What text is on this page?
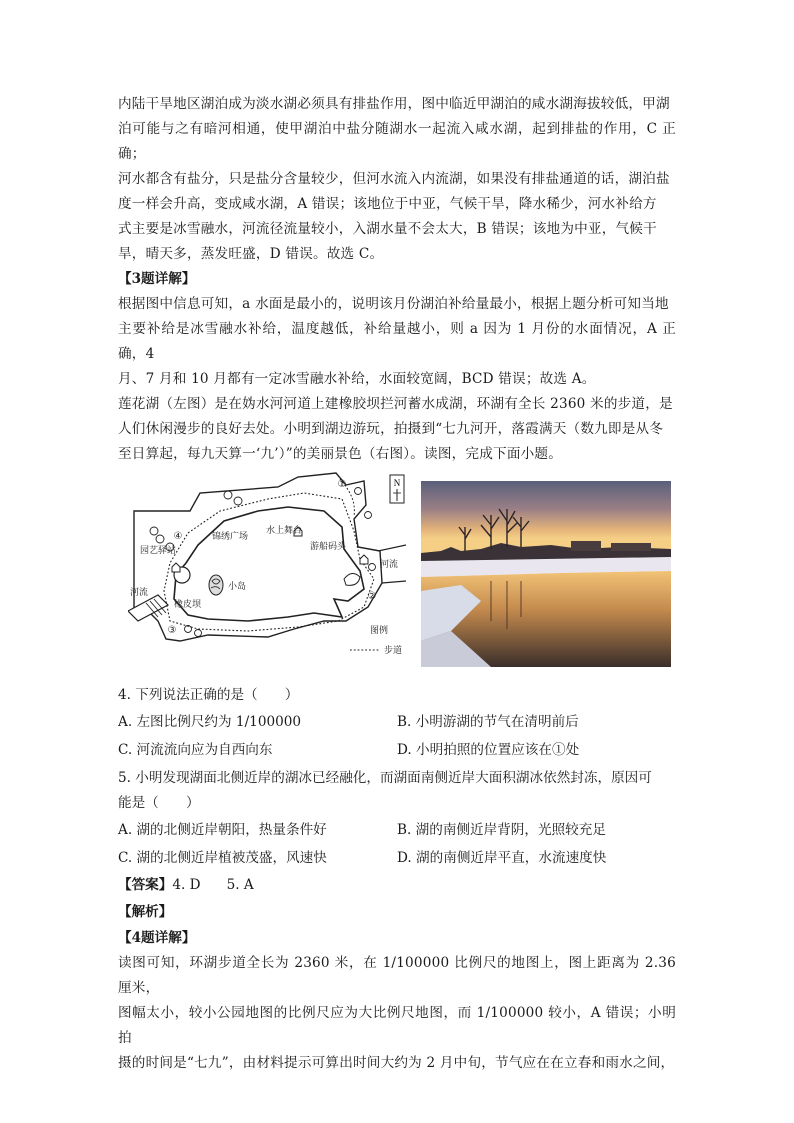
内陆干旱地区湖泊成为淡水湖必须具有排盐作用，图中临近甲湖泊的咸水湖海拔较低，甲湖
泊可能与之有暗河相通，使甲湖泊中盐分随湖水一起流入咸水湖，起到排盐的作用，C 正确；
河水都含有盐分，只是盐分含量较少，但河水流入内流湖，如果没有排盐通道的话，湖泊盐
度一样会升高，变成咸水湖，A 错误；该地位于中亚，气候干旱，降水稀少，河水补给方
式主要是冰雪融水，河流径流量较小，入湖水量不会太大，B 错误；该地为中亚，气候干
旱，晴天多，蒸发旺盛，D 错误。故选 C。

【3题详解】

根据图中信息可知，a 水面是最小的，说明该月份湖泊补给量最小，根据上题分析可知当地
主要补给是冰雪融水补给，温度越低，补给量越小，则 a 因为 1 月份的水面情况，A 正确，4
月、7 月和 10 月都有一定冰雪融水补给，水面较宽阔，BCD 错误；故选 A。

莲花湖（左图）是在妫水河河道上建橡胶坝拦河蓄水成湖，环湖有全长 2360 米的步道，是
人们休闲漫步的良好去处。小明到湖边游玩，拍摄到“七九河开，落霞满天（数九即是从冬
至日算起，每九天算一‘九’）”的美丽景色（右图）。读图，完成下面小题。

N
①
②
③
④
园艺驿站
锦绣广场
水上舞台
游船码头
小岛
河流
河流
橡皮坝
图例
步道

4. 下列说法正确的是（　　）

A. 左图比例尺约为 1/100000	B. 小明游湖的节气在清明前后
C. 河流流向应为自西向东	D. 小明拍照的位置应该在①处

5. 小明发现湖面北侧近岸的湖冰已经融化，而湖面南侧近岸大面积湖冰依然封冻，原因可
能是（　　）

A. 湖的北侧近岸朝阳，热量条件好	B. 湖的南侧近岸背阴，光照较充足
C. 湖的北侧近岸植被茂盛，风速快	D. 湖的南侧近岸平直，水流速度快

【答案】4. D 5. A

【解析】

【4题详解】

读图可知，环湖步道全长为 2360 米，在 1/100000 比例尺的地图上，图上距离为 2.36 厘米，
图幅太小，较小公园地图的比例尺应为大比例尺地图，而 1/100000 较小，A 错误；小明拍
摄的时间是“七九”，由材料提示可算出时间大约为 2 月中旬，节气应在在立春和雨水之间，
